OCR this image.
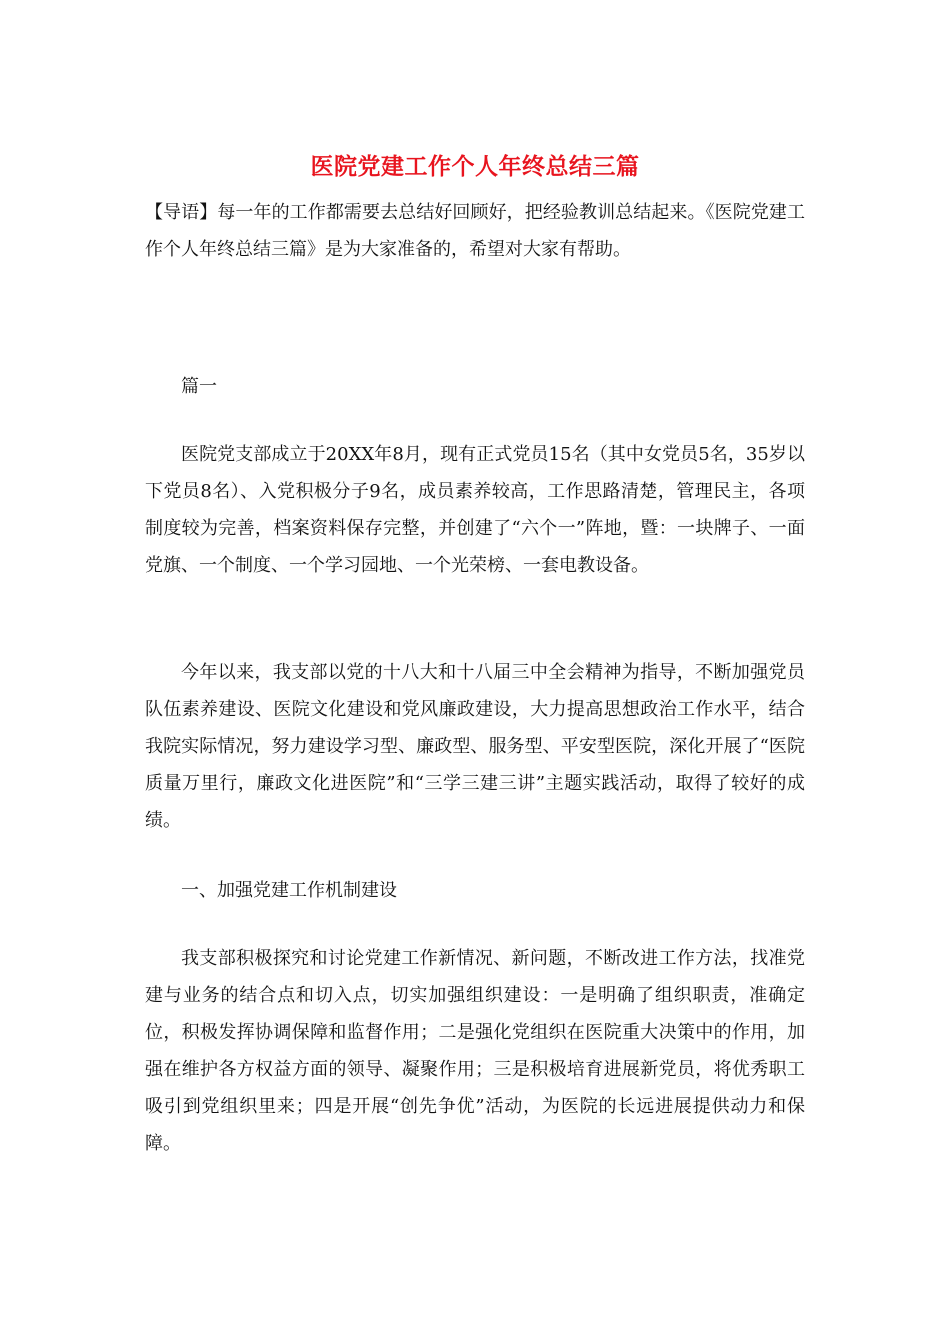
医院党建工作个人年终总结三篇
【导语】每一年的工作都需要去总结好回顾好，把经验教训总结起来。《医院党建工作个人年终总结三篇》是为大家准备的，希望对大家有帮助。
篇一
医院党支部成立于20XX年8月，现有正式党员15名（其中女党员5名，35岁以下党员8名）、入党积极分子9名，成员素养较高，工作思路清楚，管理民主，各项制度较为完善，档案资料保存完整，并创建了“六个一”阵地，暨：一块牌子、一面党旗、一个制度、一个学习园地、一个光荣榜、一套电教设备。
今年以来，我支部以党的十八大和十八届三中全会精神为指导，不断加强党员队伍素养建设、医院文化建设和党风廉政建设，大力提高思想政治工作水平，结合我院实际情况，努力建设学习型、廉政型、服务型、平安型医院，深化开展了“医院质量万里行，廉政文化进医院”和“三学三建三讲”主题实践活动，取得了较好的成绩。
一、加强党建工作机制建设
我支部积极探究和讨论党建工作新情况、新问题，不断改进工作方法，找准党建与业务的结合点和切入点，切实加强组织建设：一是明确了组织职责，准确定位，积极发挥协调保障和监督作用；二是强化党组织在医院重大决策中的作用，加强在维护各方权益方面的领导、凝聚作用；三是积极培育进展新党员，将优秀职工吸引到党组织里来；四是开展“创先争优”活动，为医院的长远进展提供动力和保障。
